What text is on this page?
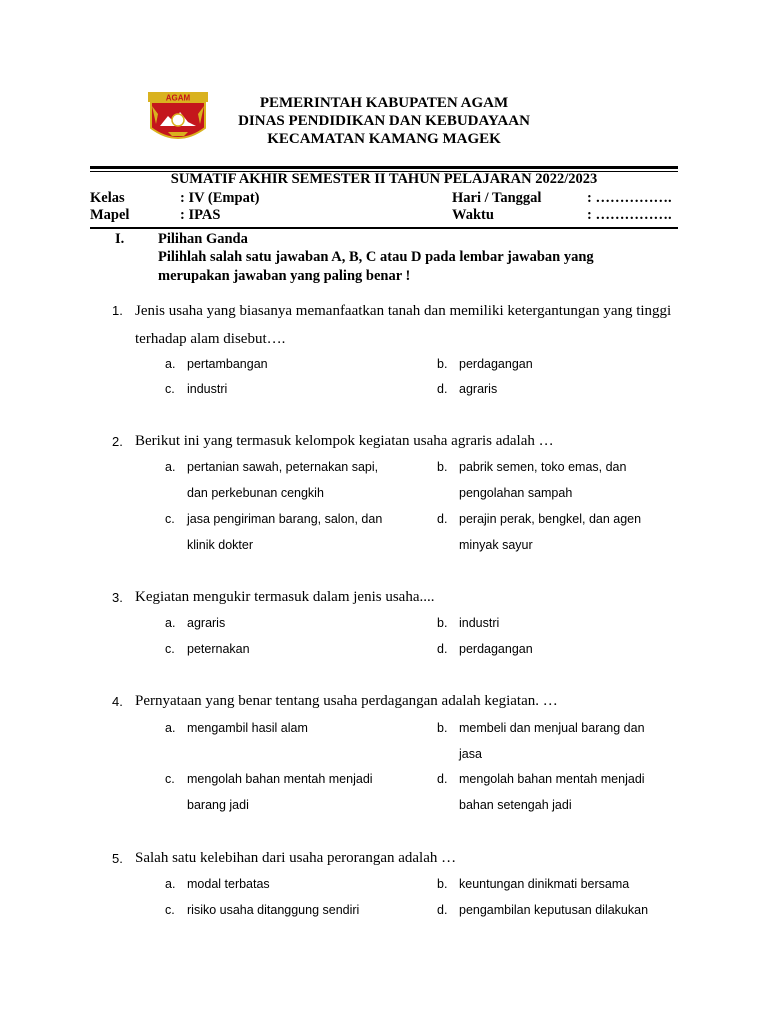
AGAM	PEMERINTAH KABUPATEN AGAM
DINAS PENDIDIKAN DAN KEBUDAYAAN
KECAMATAN KAMANG MAGEK
SUMATIF AKHIR SEMESTER II TAHUN PELAJARAN 2022/2023
Kelas	: IV (Empat)	Hari / Tanggal	: …………….
Mapel	: IPAS	Waktu	: …………….
I. Pilihan Ganda
Pilihlah salah satu jawaban A, B, C atau D pada lembar jawaban yang merupakan jawaban yang paling benar !
1. Jenis usaha yang biasanya memanfaatkan tanah dan memiliki ketergantungan yang tinggi terhadap alam disebut….
a. pertambangan	b. perdagangan
c. industri	d. agraris
2. Berikut ini yang termasuk kelompok kegiatan usaha agraris adalah …
a. pertanian sawah, peternakan sapi, dan perkebunan cengkih
b. pabrik semen, toko emas, dan pengolahan sampah
c. jasa pengiriman barang, salon, dan klinik dokter
d. perajin perak, bengkel, dan agen minyak sayur
3. Kegiatan mengukir termasuk dalam jenis usaha....
a. agraris	b. industri
c. peternakan	d. perdagangan
4. Pernyataan yang benar tentang usaha perdagangan adalah kegiatan. …
a. mengambil hasil alam	b. membeli dan menjual barang dan jasa
c. mengolah bahan mentah menjadi barang jadi
d. mengolah bahan mentah menjadi bahan setengah jadi
5. Salah satu kelebihan dari usaha perorangan adalah …
a. modal terbatas	b. keuntungan dinikmati bersama
c. risiko usaha ditanggung sendiri	d. pengambilan keputusan dilakukan
